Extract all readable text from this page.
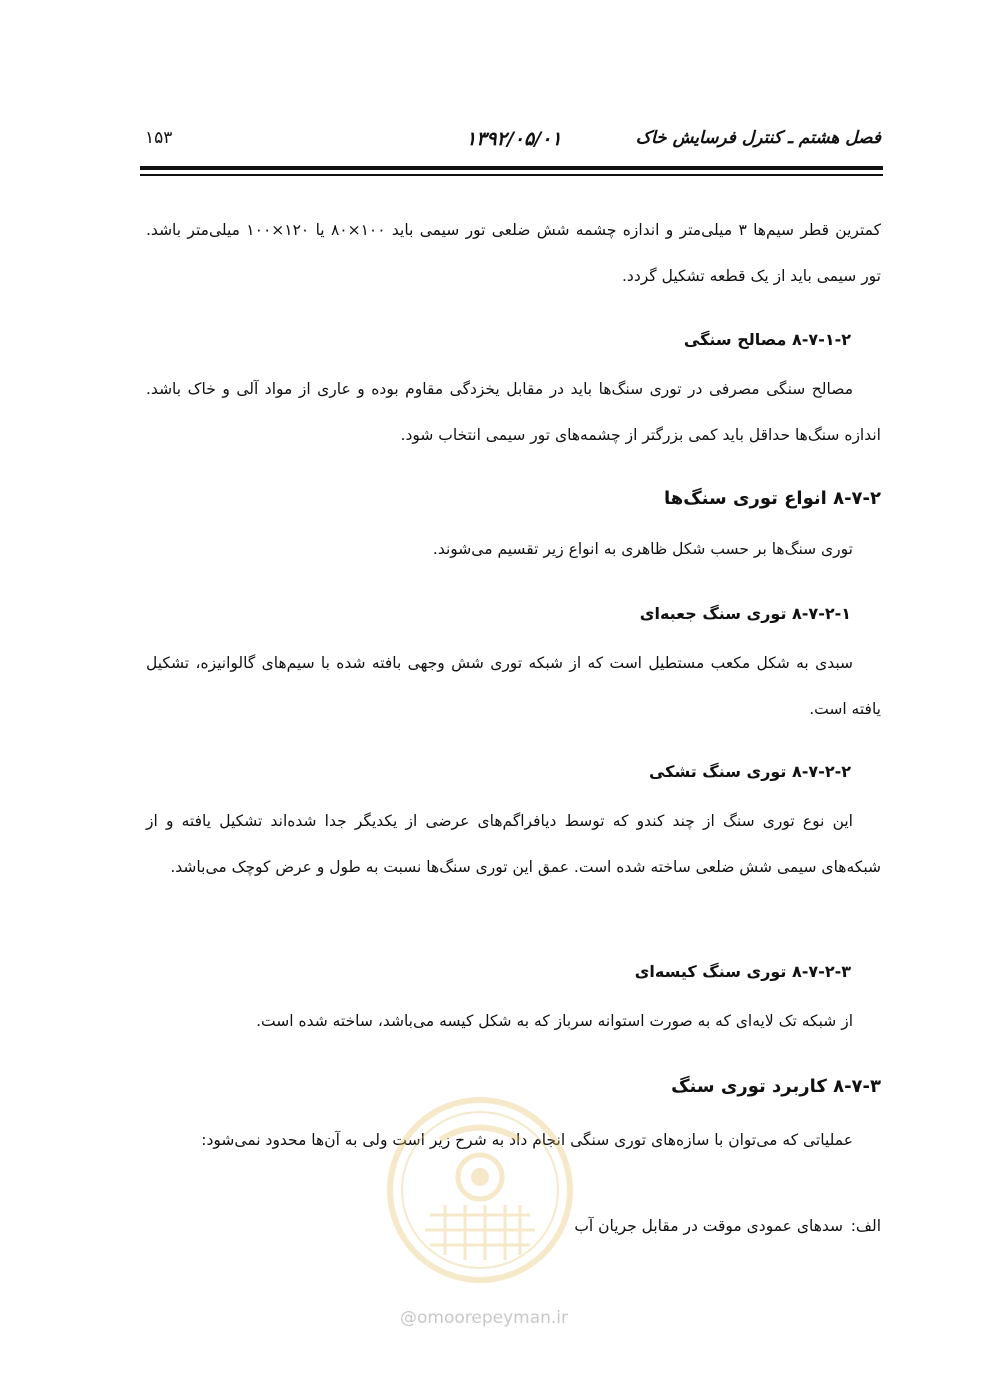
فصل هشتم ـ کنترل فرسایش خاک
۱۳۹۲/۰۵/۰۱
۱۵۳
کمترین قطر سیم‌ها ۳ میلی‌متر و اندازه چشمه شش ضلعی تور سیمی باید ۱۰۰×۸۰ یا ۱۲۰×۱۰۰ میلی‌متر باشد. تور سیمی باید از یک قطعه تشکیل گردد.
۸-۷-۱-۲ مصالح سنگی
مصالح سنگی مصرفی در توری سنگ‌ها باید در مقابل یخزدگی مقاوم بوده و عاری از مواد آلی و خاک باشد. اندازه سنگ‌ها حداقل باید کمی بزرگتر از چشمه‌های تور سیمی انتخاب شود.
۸-۷-۲ انواع توری سنگ‌ها
توری سنگ‌ها بر حسب شکل ظاهری به انواع زیر تقسیم می‌شوند.
۸-۷-۲-۱ توری سنگ جعبه‌ای
سبدی به شکل مکعب مستطیل است که از شبکه توری شش وجهی بافته شده با سیم‌های گالوانیزه، تشکیل یافته است.
۸-۷-۲-۲ توری سنگ تشکی
این نوع توری سنگ از چند کندو که توسط دیافراگم‌های عرضی از یکدیگر جدا شده‌اند تشکیل یافته و از شبکه‌های سیمی شش ضلعی ساخته شده است. عمق این توری سنگ‌ها نسبت به طول و عرض کوچک می‌باشد.
۸-۷-۲-۳ توری سنگ کیسه‌ای
از شبکه تک لایه‌ای که به صورت استوانه سرباز که به شکل کیسه می‌باشد، ساخته شده است.
۸-۷-۳ کاربرد توری سنگ
عملیاتی که می‌توان با سازه‌های توری سنگی انجام داد به شرح زیر است ولی به آن‌ها محدود نمی‌شود:
الف:
سدهای عمودی موقت در مقابل جریان آب
@omoorepeyman.ir
